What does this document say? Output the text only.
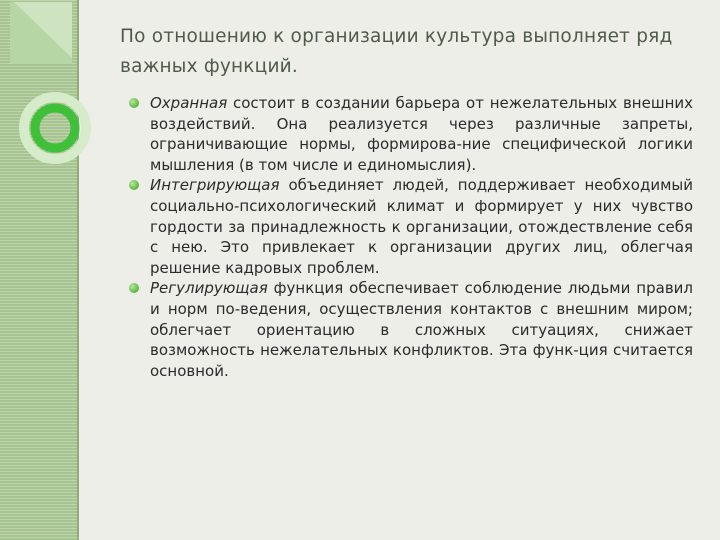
По отношению к организации культура выполняет ряд важных функций.
Охранная состоит в создании барьера от нежелательных внешних воздействий. Она реализуется через различные запреты, ограничивающие нормы, формирова-ние специфической логики мышления (в том числе и единомыслия).
Интегрирующая объединяет людей, поддерживает необходимый социально-психологический климат и формирует у них чувство гордости за принадлежность к организации, отождествление себя с нею. Это привлекает к организации других лиц, облегчая решение кадровых проблем.
Регулирующая функция обеспечивает соблюдение людьми правил и норм по-ведения, осуществления контактов с внешним миром; облегчает ориентацию в сложных ситуациях, снижает возможность нежелательных конфликтов. Эта функ-ция считается основной.
